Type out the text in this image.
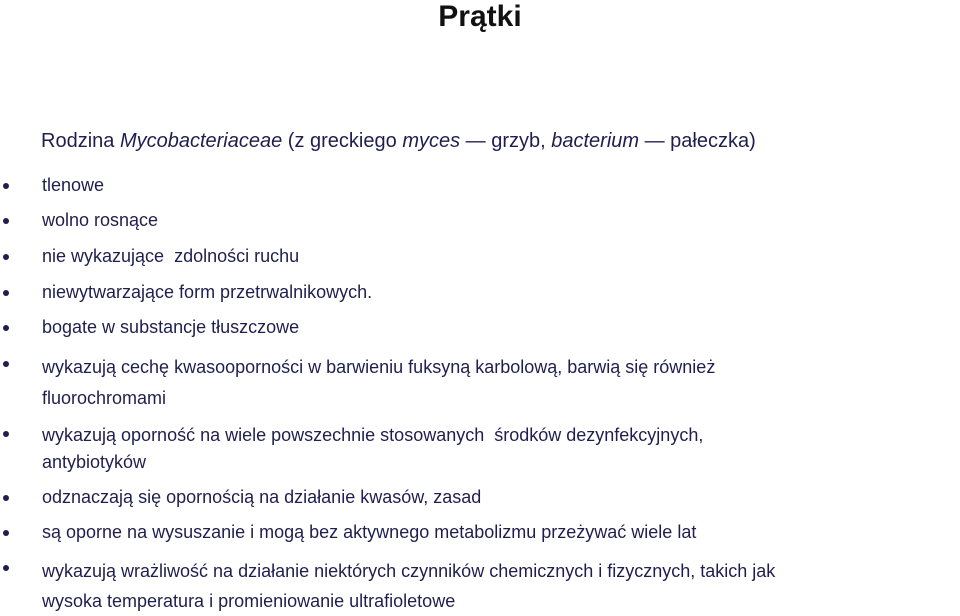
Prątki
Rodzina Mycobacteriaceae (z greckiego myces — grzyb, bacterium — pałeczka)
tlenowe
wolno rosnące
nie wykazujące  zdolności ruchu
niewytwarzające form przetrwalnikowych.
bogate w substancje tłuszczowe
wykazują cechę kwasooporności w barwieniu fuksyną karbolową, barwią się również
fluorochromami
wykazują oporność na wiele powszechnie stosowanych  środków dezynfekcyjnych,
antybiotyków
odznaczają się opornością na działanie kwasów, zasad
są oporne na wysuszanie i mogą bez aktywnego metabolizmu przeżywać wiele lat
wykazują wrażliwość na działanie niektórych czynników chemicznych i fizycznych, takich jak
wysoka temperatura i promieniowanie ultrafioletowe
